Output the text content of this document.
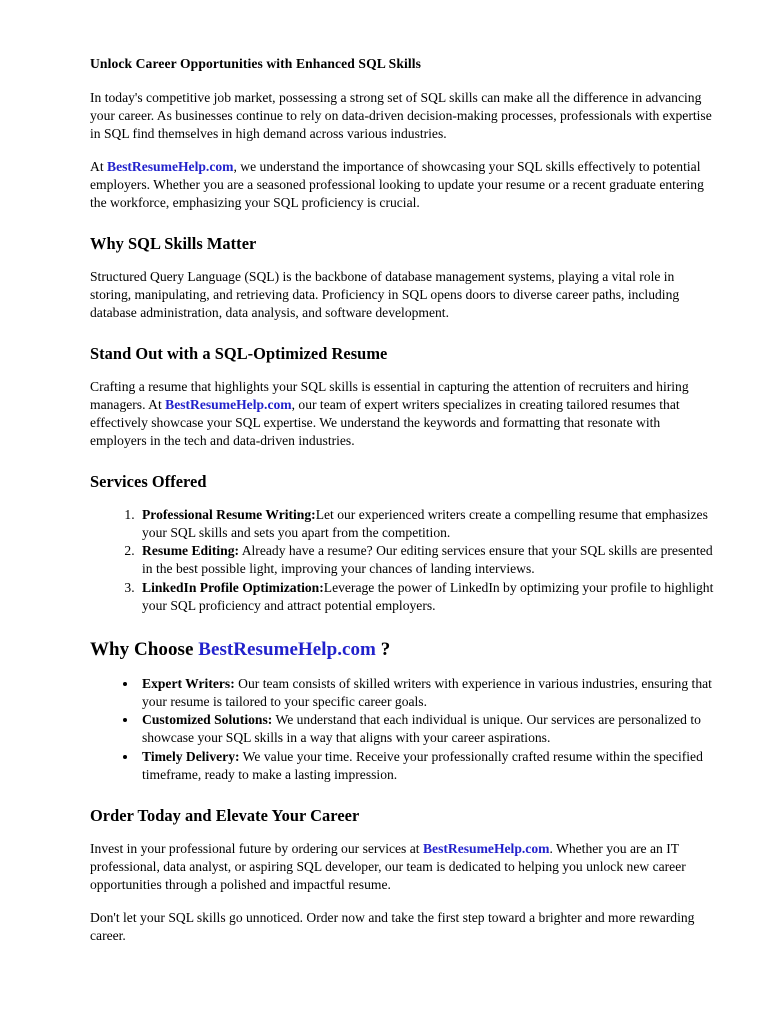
Unlock Career Opportunities with Enhanced SQL Skills

In today's competitive job market, possessing a strong set of SQL skills can make all the difference in advancing your career. As businesses continue to rely on data-driven decision-making processes, professionals with expertise in SQL find themselves in high demand across various industries.

At BestResumeHelp.com, we understand the importance of showcasing your SQL skills effectively to potential employers. Whether you are a seasoned professional looking to update your resume or a recent graduate entering the workforce, emphasizing your SQL proficiency is crucial.

Why SQL Skills Matter

Structured Query Language (SQL) is the backbone of database management systems, playing a vital role in storing, manipulating, and retrieving data. Proficiency in SQL opens doors to diverse career paths, including database administration, data analysis, and software development.

Stand Out with a SQL-Optimized Resume

Crafting a resume that highlights your SQL skills is essential in capturing the attention of recruiters and hiring managers. At BestResumeHelp.com, our team of expert writers specializes in creating tailored resumes that effectively showcase your SQL expertise. We understand the keywords and formatting that resonate with employers in the tech and data-driven industries.

Services Offered
1. Professional Resume Writing:Let our experienced writers create a compelling resume that emphasizes your SQL skills and sets you apart from the competition.
2. Resume Editing: Already have a resume? Our editing services ensure that your SQL skills are presented in the best possible light, improving your chances of landing interviews.
3. LinkedIn Profile Optimization:Leverage the power of LinkedIn by optimizing your profile to highlight your SQL proficiency and attract potential employers.
Why Choose BestResumeHelp.com ?
• Expert Writers: Our team consists of skilled writers with experience in various industries, ensuring that your resume is tailored to your specific career goals.
• Customized Solutions: We understand that each individual is unique. Our services are personalized to showcase your SQL skills in a way that aligns with your career aspirations.
• Timely Delivery: We value your time. Receive your professionally crafted resume within the specified timeframe, ready to make a lasting impression.
Order Today and Elevate Your Career

Invest in your professional future by ordering our services at BestResumeHelp.com. Whether you are an IT professional, data analyst, or aspiring SQL developer, our team is dedicated to helping you unlock new career opportunities through a polished and impactful resume.

Don't let your SQL skills go unnoticed. Order now and take the first step toward a brighter and more rewarding career.
